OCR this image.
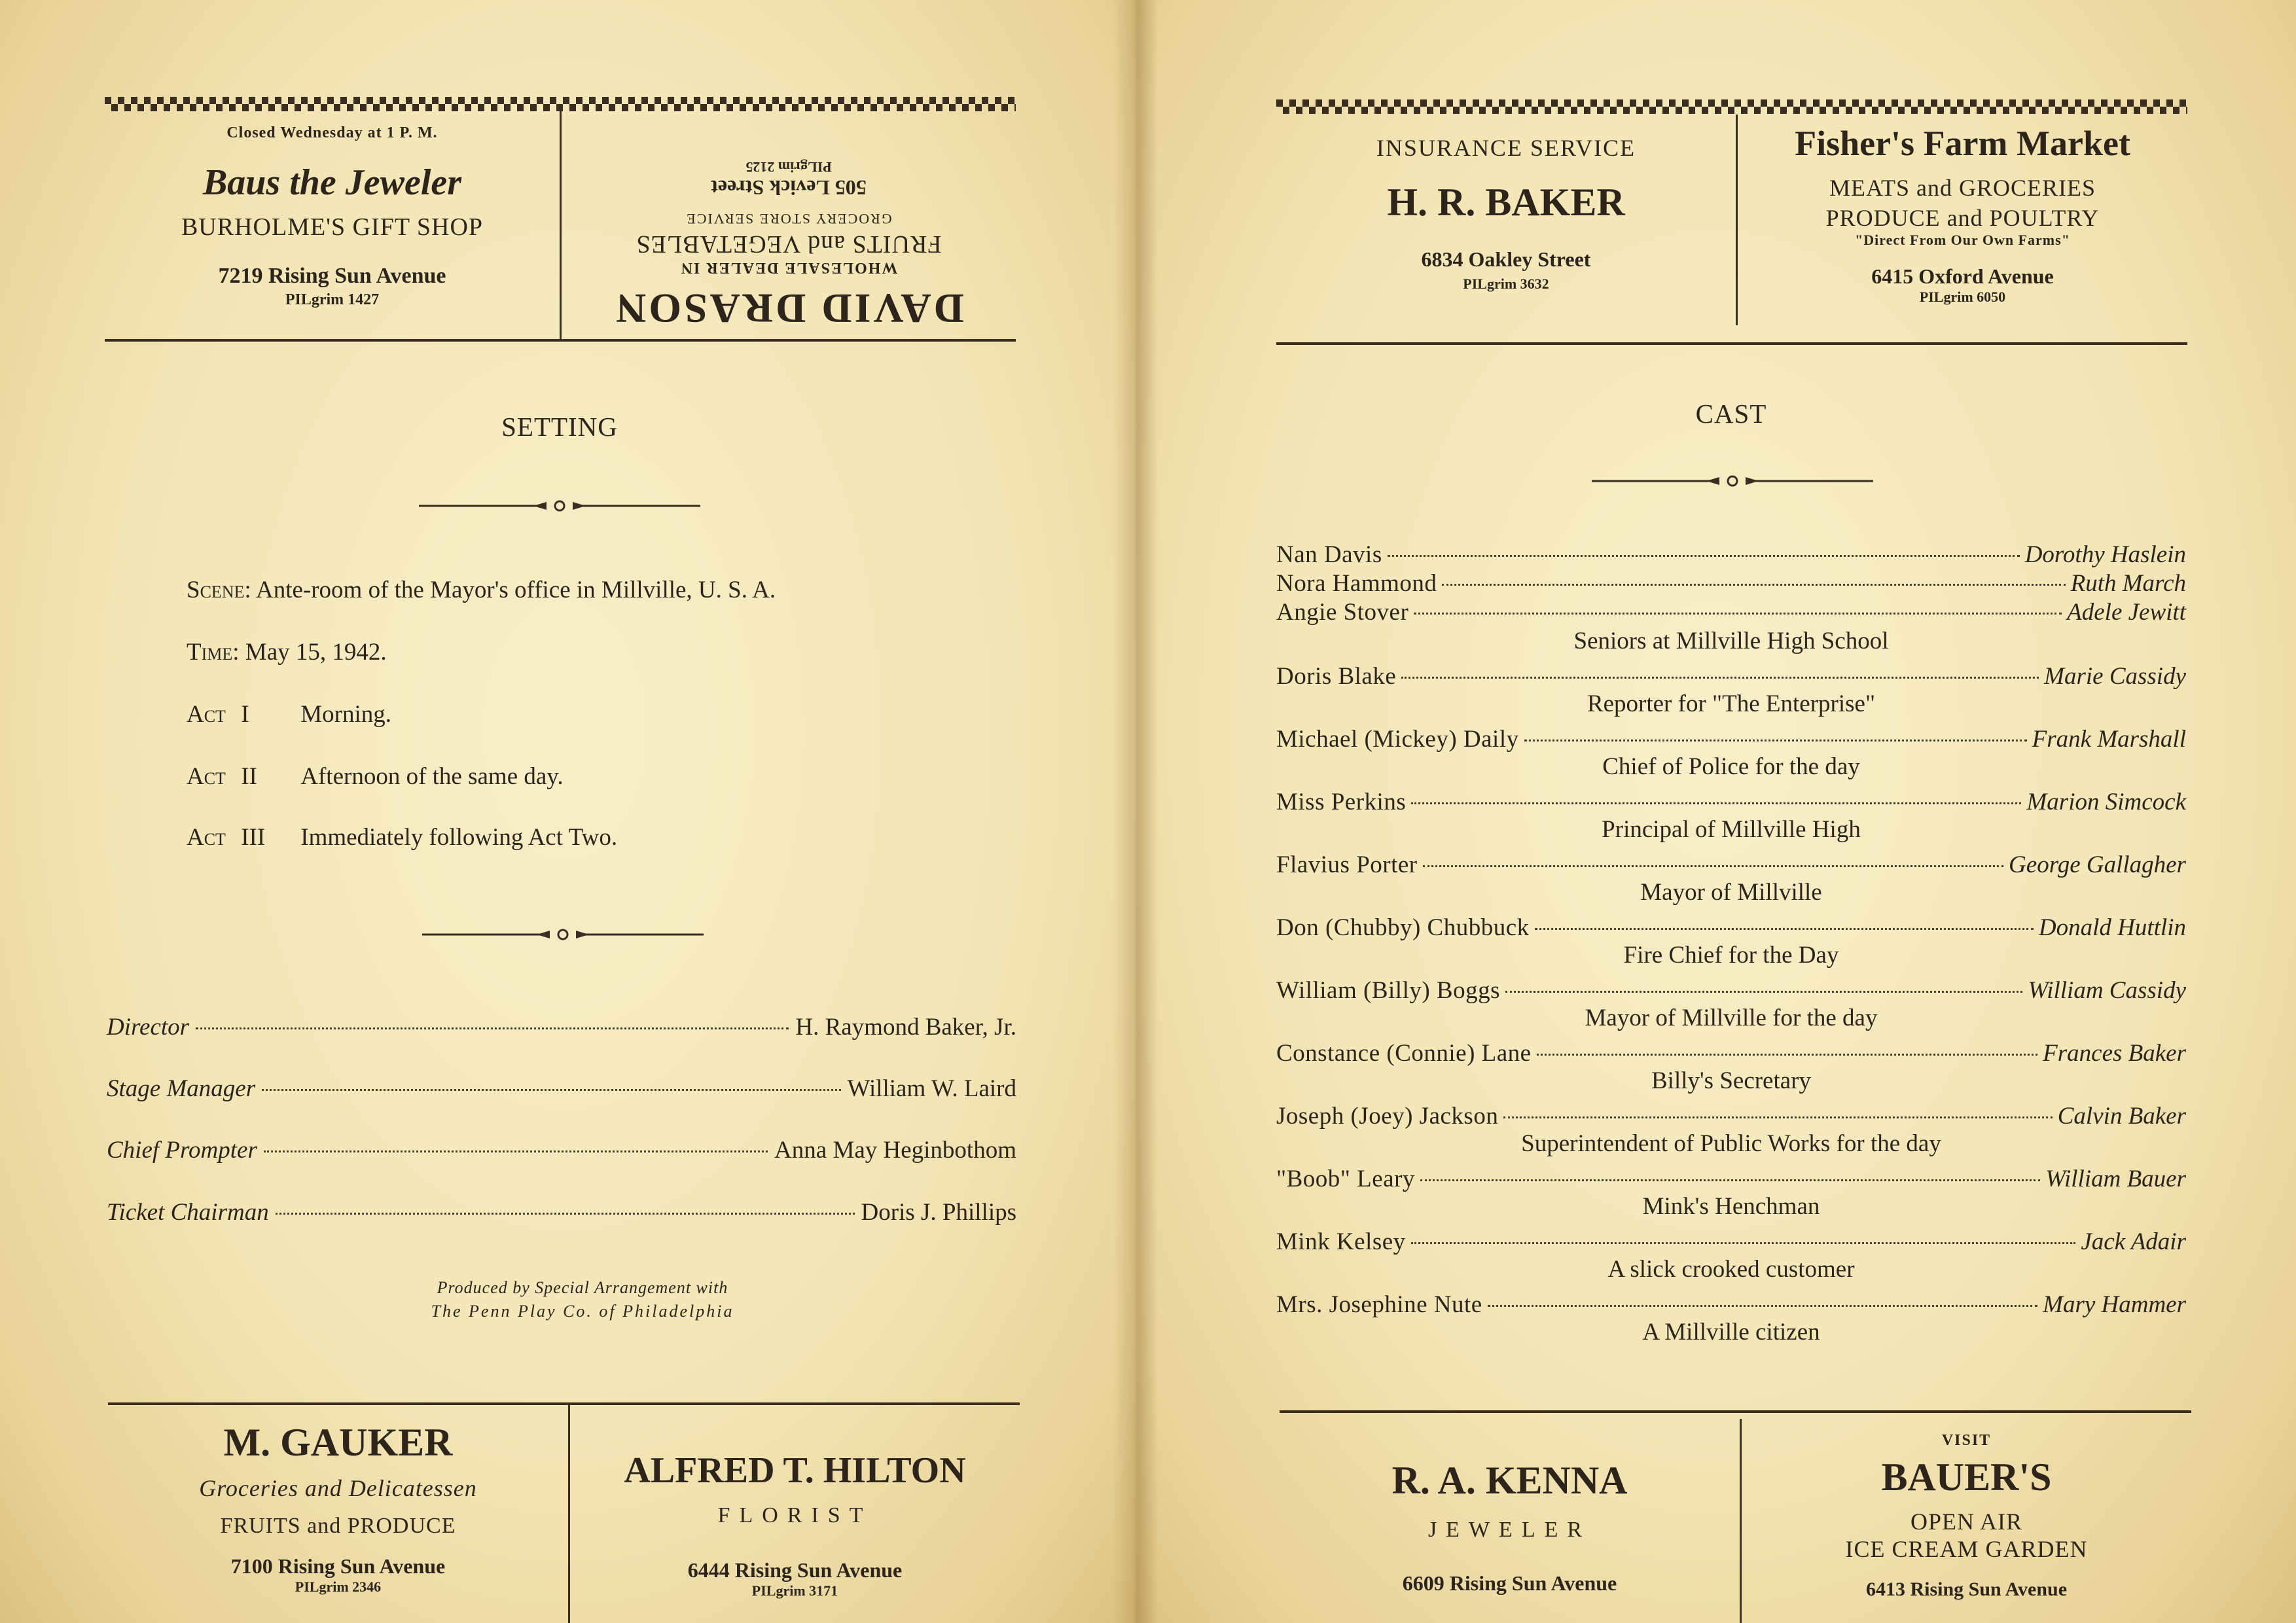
Closed Wednesday at 1 P. M.
Baus the Jeweler
BURHOLME'S GIFT SHOP
7219 Rising Sun Avenue
PILgrim 1427	DAVID DRASON
WHOLESALE DEALER IN
FRUITS and VEGETABLES
GROCERY STORE SERVICE
505 Levick Street
PILgrim 2125
SETTING
Scene: Ante-room of the Mayor's office in Millville, U. S. A.
Time: May 15, 1942.
Act I Morning.
Act II Afternoon of the same day.
Act III Immediately following Act Two.
Director	H. Raymond Baker, Jr.
Stage Manager	William W. Laird
Chief Prompter	Anna May Heginbothom
Ticket Chairman	Doris J. Phillips
Produced by Special Arrangement with
The Penn Play Co. of Philadelphia
M. GAUKER
Groceries and Delicatessen
FRUITS and PRODUCE
7100 Rising Sun Avenue
PILgrim 2346
ALFRED T. HILTON
FLORIST
6444 Rising Sun Avenue
PILgrim 3171
INSURANCE SERVICE
H. R. BAKER
6834 Oakley Street
PILgrim 3632
Fisher's Farm Market
MEATS and GROCERIES
PRODUCE and POULTRY
"Direct From Our Own Farms"
6415 Oxford Avenue
PILgrim 6050
CAST
Nan Davis	Dorothy Haslein
Nora Hammond	Ruth March
Angie Stover	Adele Jewitt
Seniors at Millville High School
Doris Blake	Marie Cassidy
Reporter for "The Enterprise"
Michael (Mickey) Daily	Frank Marshall
Chief of Police for the day
Miss Perkins	Marion Simcock
Principal of Millville High
Flavius Porter	George Gallagher
Mayor of Millville
Don (Chubby) Chubbuck	Donald Huttlin
Fire Chief for the Day
William (Billy) Boggs	William Cassidy
Mayor of Millville for the day
Constance (Connie) Lane	Frances Baker
Billy's Secretary
Joseph (Joey) Jackson	Calvin Baker
Superintendent of Public Works for the day
"Boob" Leary	William Bauer
Mink's Henchman
Mink Kelsey	Jack Adair
A slick crooked customer
Mrs. Josephine Nute	Mary Hammer
A Millville citizen
R. A. KENNA
JEWELER
6609 Rising Sun Avenue
VISIT
BAUER'S
OPEN AIR
ICE CREAM GARDEN
6413 Rising Sun Avenue
